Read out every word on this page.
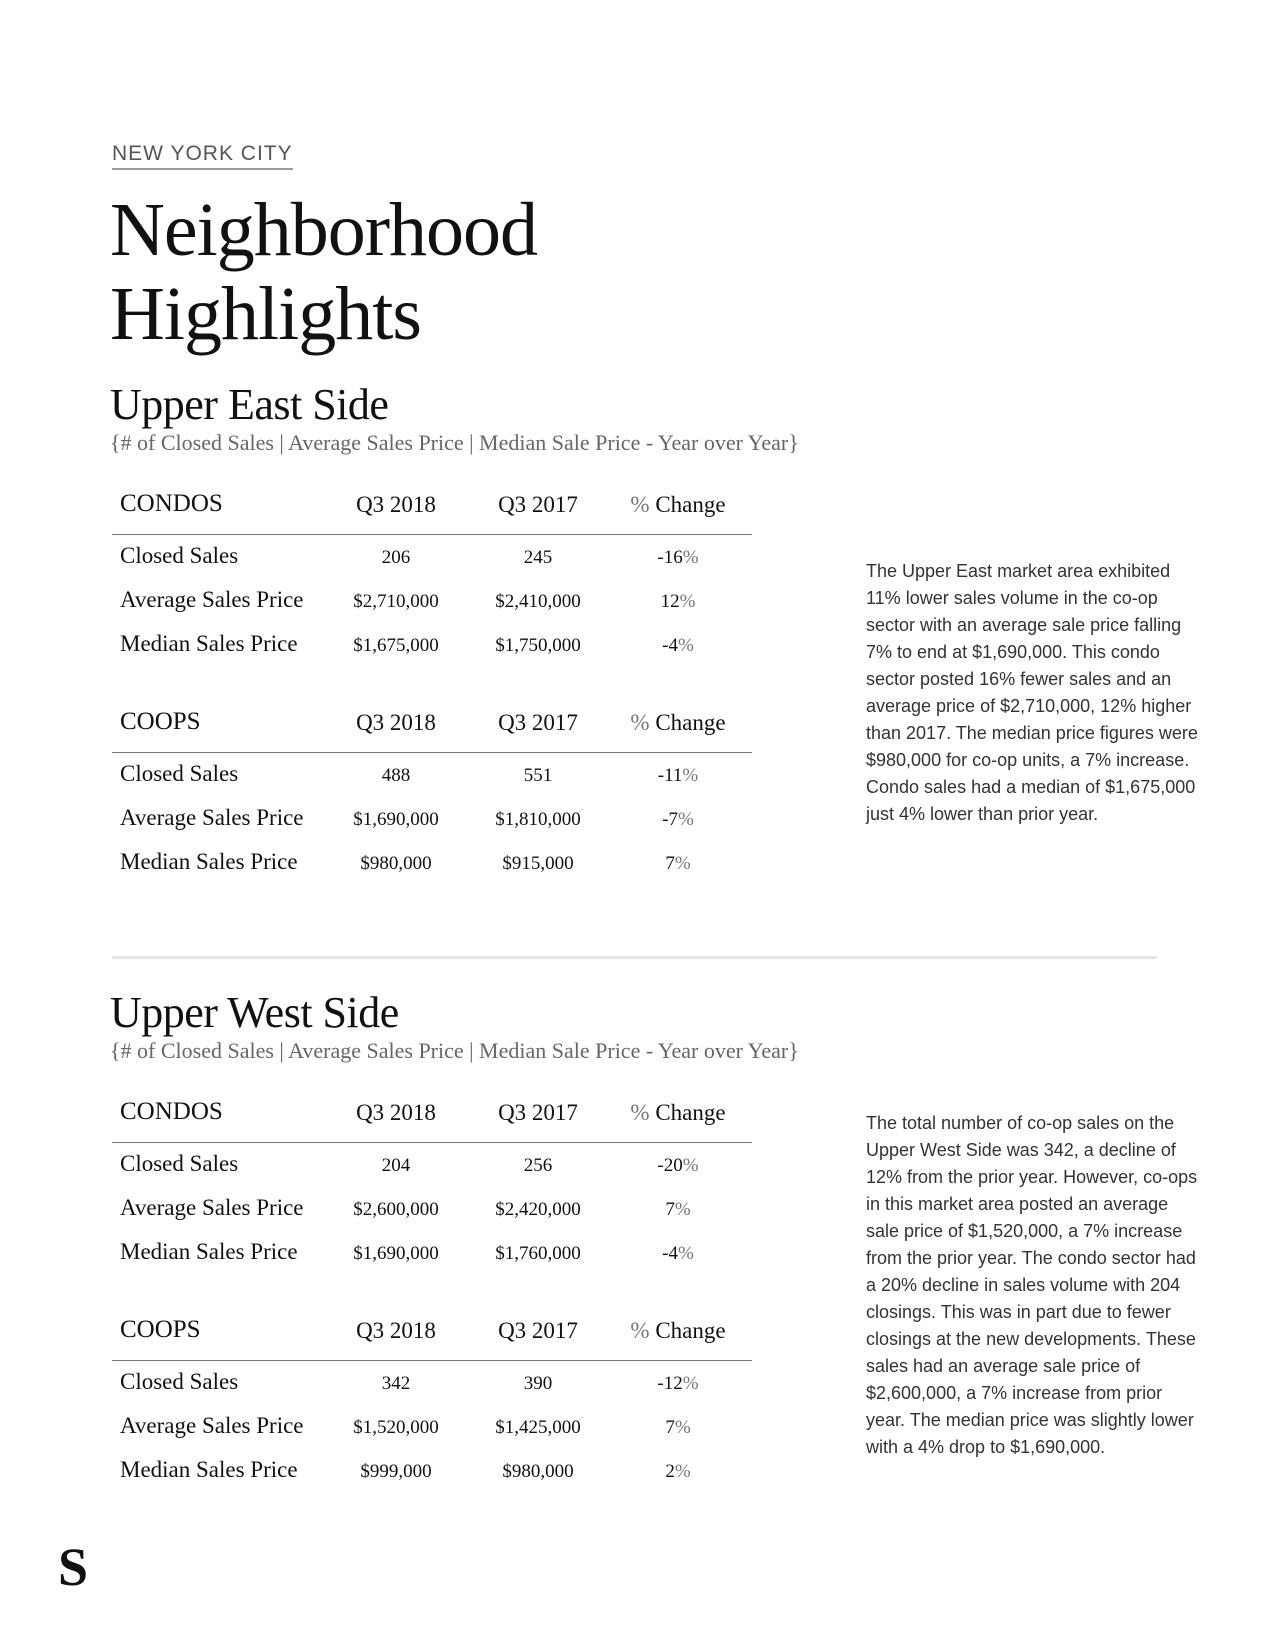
NEW YORK CITY
Neighborhood
Highlights
Upper East Side
{# of Closed Sales | Average Sales Price | Median Sale Price - Year over Year}
CONDOS	Q3 2018	Q3 2017 % Change
Closed Sales	206	245	-16%
Average Sales Price	$2,710,000	$2,410,000	12%
Median Sales Price	$1,675,000	$1,750,000	-4%
COOPS	Q3 2018	Q3 2017 % Change
Closed Sales	488	551	-11%
Average Sales Price	$1,690,000	$1,810,000	-7%
Median Sales Price	$980,000	$915,000	7%

The Upper East market area exhibited 11% lower sales volume in the co-op sector with an average sale price falling 7% to end at $1,690,000. This condo sector posted 16% fewer sales and an average price of $2,710,000, 12% higher than 2017. The median price figures were $980,000 for co-op units, a 7% increase. Condo sales had a median of $1,675,000 just 4% lower than prior year.

Upper West Side
{# of Closed Sales | Average Sales Price | Median Sale Price - Year over Year}
CONDOS	Q3 2018	Q3 2017 % Change
Closed Sales	204	256	-20%
Average Sales Price	$2,600,000	$2,420,000	7%
Median Sales Price	$1,690,000	$1,760,000	-4%
COOPS	Q3 2018	Q3 2017 % Change
Closed Sales	342	390	-12%
Average Sales Price	$1,520,000	$1,425,000	7%
Median Sales Price	$999,000	$980,000	2%

The total number of co-op sales on the Upper West Side was 342, a decline of 12% from the prior year. However, co-ops in this market area posted an average sale price of $1,520,000, a 7% increase from the prior year. The condo sector had a 20% decline in sales volume with 204 closings. This was in part due to fewer closings at the new developments. These sales had an average sale price of $2,600,000, a 7% increase from prior year. The median price was slightly lower with a 4% drop to $1,690,000.

S
